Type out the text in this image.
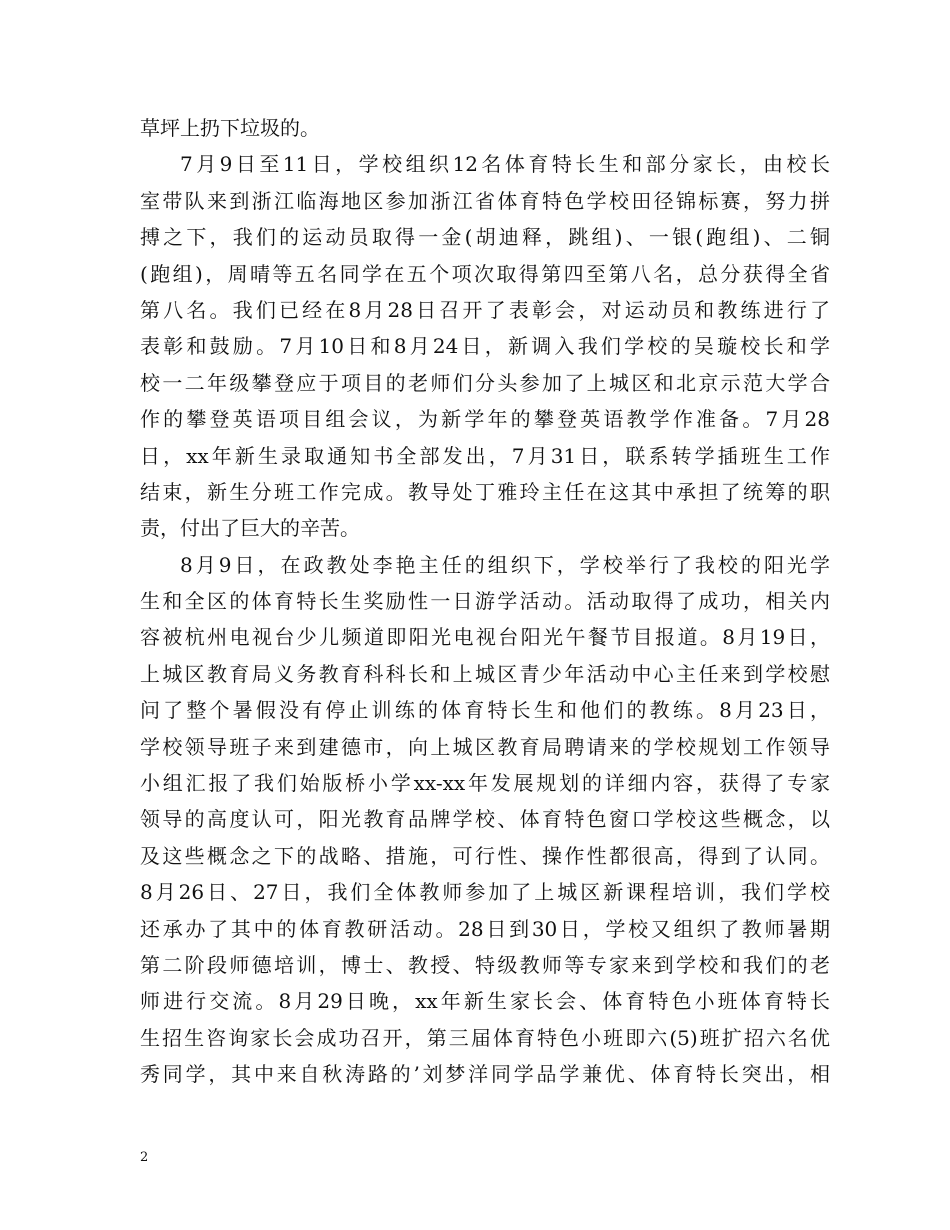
草坪上扔下垃圾的。
7月9日至11日，学校组织12名体育特长生和部分家长，由校长
室带队来到浙江临海地区参加浙江省体育特色学校田径锦标赛，努力拼
搏之下，我们的运动员取得一金(胡迪释，跳组)、一银(跑组)、二铜
(跑组)，周晴等五名同学在五个项次取得第四至第八名，总分获得全省
第八名。我们已经在8月28日召开了表彰会，对运动员和教练进行了
表彰和鼓励。7月10日和8月24日，新调入我们学校的吴璇校长和学
校一二年级攀登应于项目的老师们分头参加了上城区和北京示范大学合
作的攀登英语项目组会议，为新学年的攀登英语教学作准备。7月28
日，xx年新生录取通知书全部发出，7月31日，联系转学插班生工作
结束，新生分班工作完成。教导处丁雅玲主任在这其中承担了统筹的职
责，付出了巨大的辛苦。
8月9日，在政教处李艳主任的组织下，学校举行了我校的阳光学
生和全区的体育特长生奖励性一日游学活动。活动取得了成功，相关内
容被杭州电视台少儿频道即阳光电视台阳光午餐节目报道。8月19日，
上城区教育局义务教育科科长和上城区青少年活动中心主任来到学校慰
问了整个暑假没有停止训练的体育特长生和他们的教练。8月23日，
学校领导班子来到建德市，向上城区教育局聘请来的学校规划工作领导
小组汇报了我们始版桥小学xx-xx年发展规划的详细内容，获得了专家
领导的高度认可，阳光教育品牌学校、体育特色窗口学校这些概念，以
及这些概念之下的战略、措施，可行性、操作性都很高，得到了认同。
8月26日、27日，我们全体教师参加了上城区新课程培训，我们学校
还承办了其中的体育教研活动。28日到30日，学校又组织了教师暑期
第二阶段师德培训，博士、教授、特级教师等专家来到学校和我们的老
师进行交流。8月29日晚，xx年新生家长会、体育特色小班体育特长
生招生咨询家长会成功召开，第三届体育特色小班即六(5)班扩招六名优
秀同学，其中来自秋涛路的’刘梦洋同学品学兼优、体育特长突出，相
2
